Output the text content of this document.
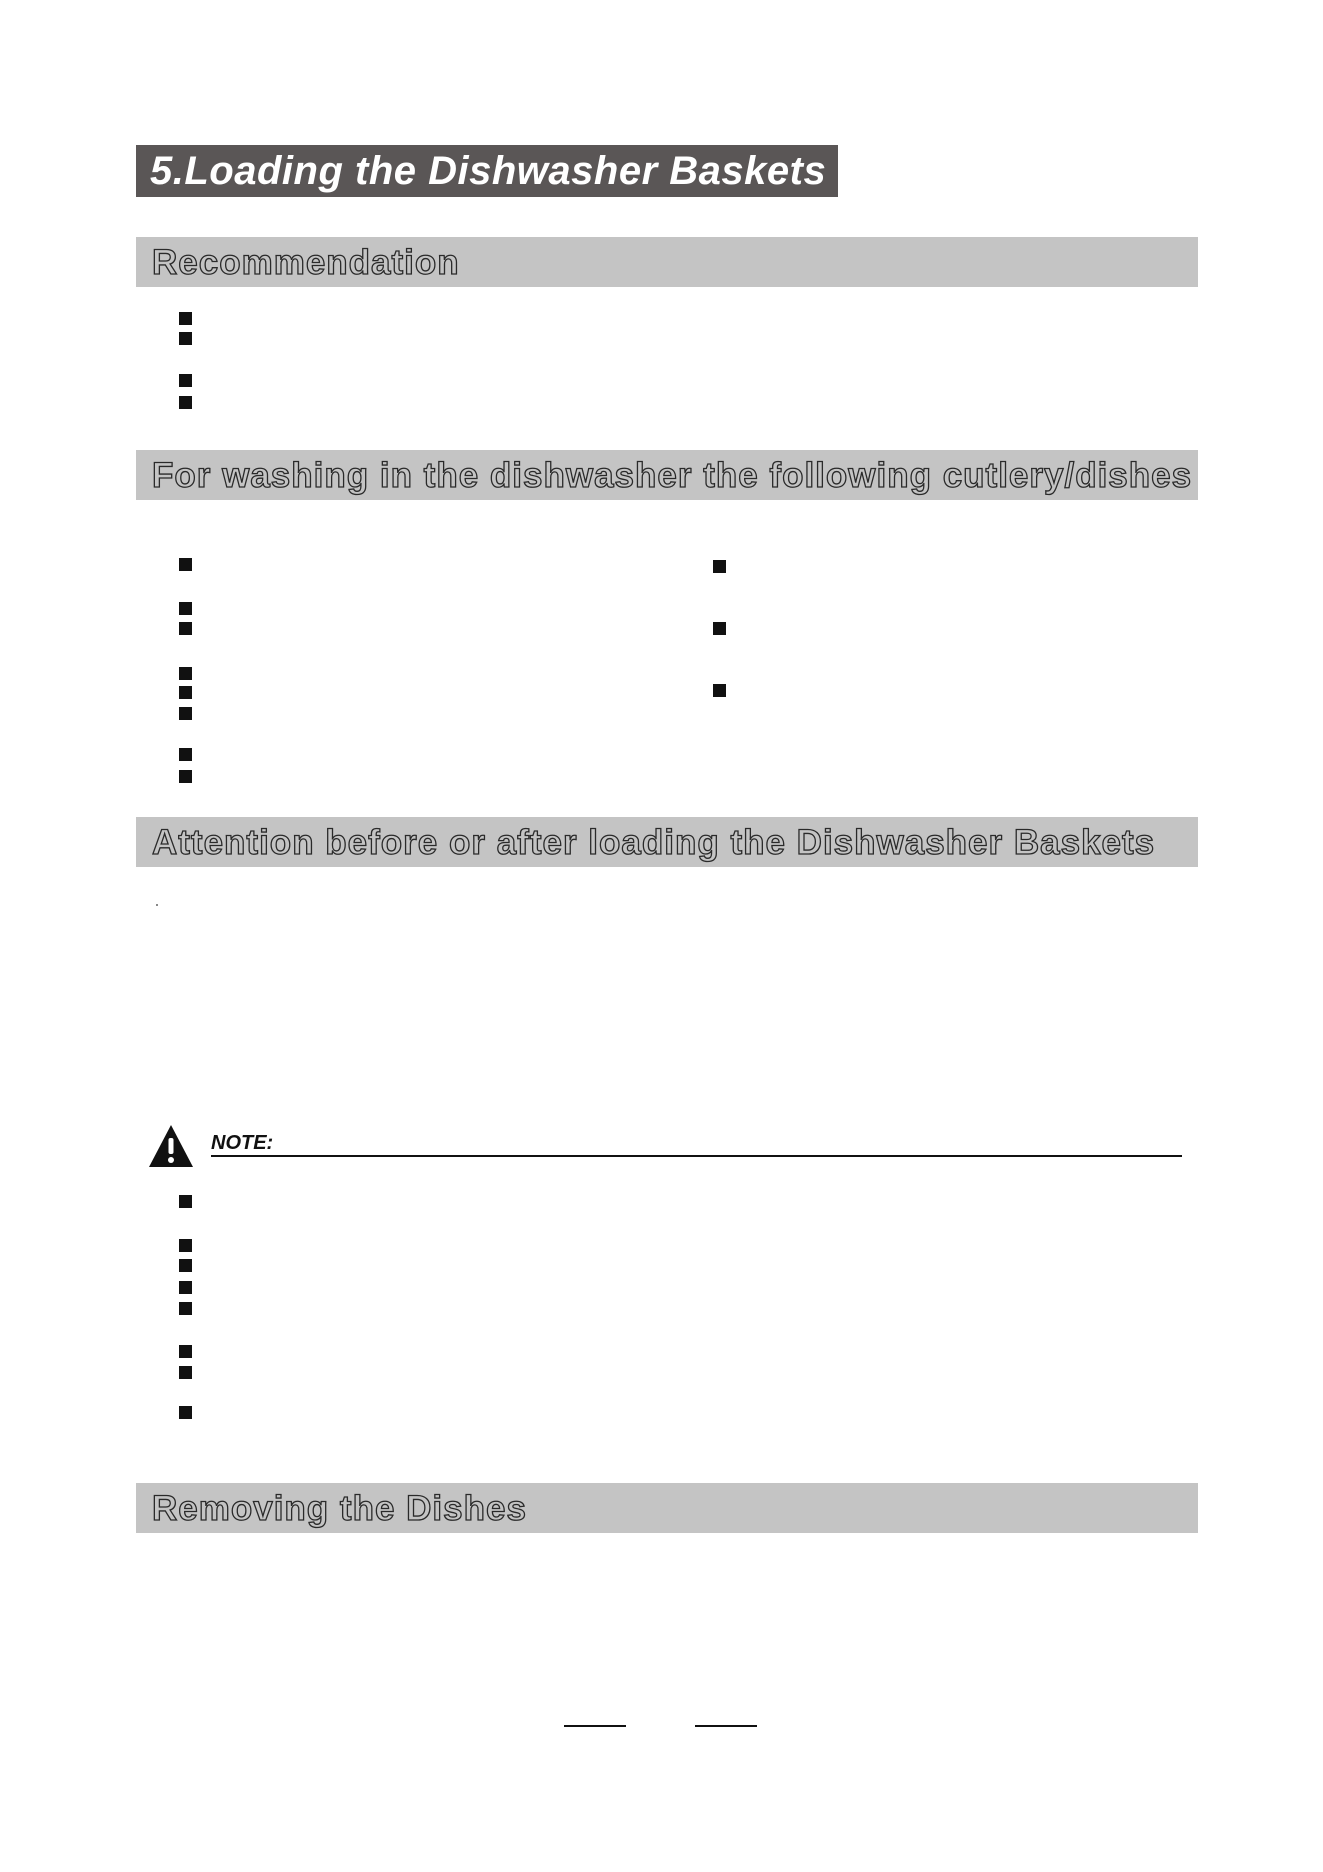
5.Loading the Dishwasher Baskets
Recommendation
For washing in the dishwasher the following cutlery/dishes
Attention before or after loading the Dishwasher Baskets
NOTE:
Removing the Dishes
